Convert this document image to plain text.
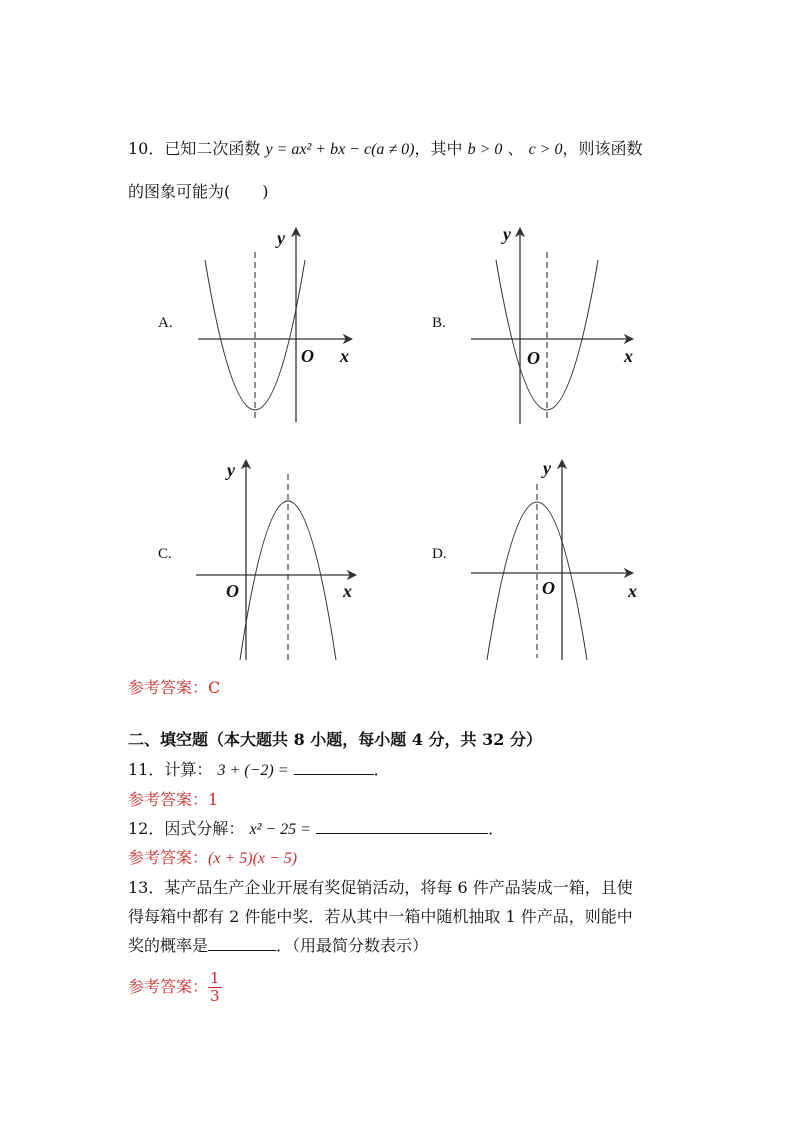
10．已知二次函数 y = ax² + bx − c(a ≠ 0)，其中 b > 0 、 c > 0，则该函数
的图象可能为(　　)
A.
y
O x
B.
y
O	x
C.
y
O	x
D.
y
O	x
参考答案：C
二、填空题（本大题共 8 小题，每小题 4 分，共 32 分）
11．计算： 3 + (−2) =	．
参考答案：1
12．因式分解： x² − 25 =	．
参考答案：(x + 5)(x − 5)
13．某产品生产企业开展有奖促销活动，将每 6 件产品装成一箱，且使
得每箱中都有 2 件能中奖．若从其中一箱中随机抽取 1 件产品，则能中
奖的概率是	．（用最简分数表示）
参考答案： $\frac{1}{3}$
